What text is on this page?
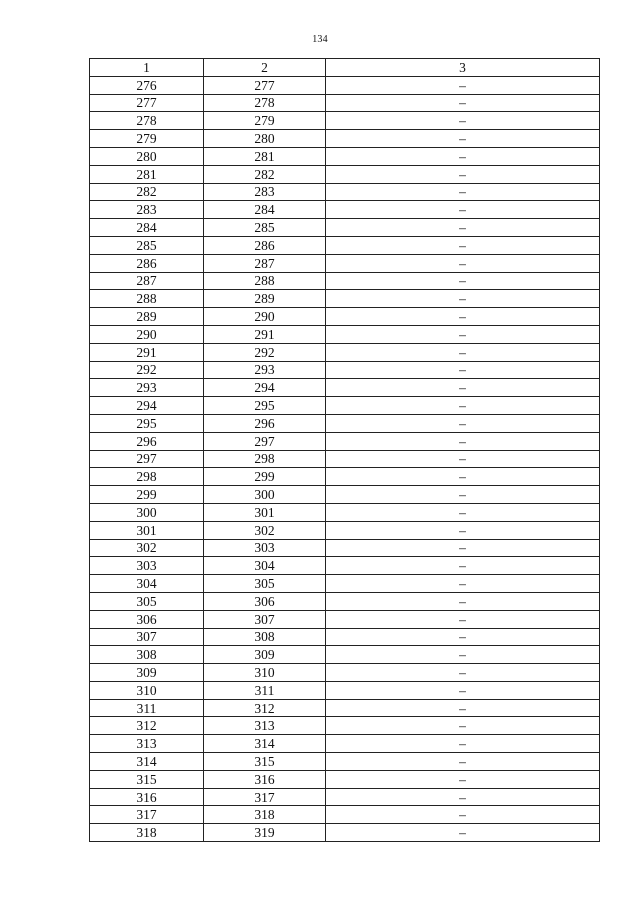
134
1	2	3
276	277	–
277	278	–
278	279	–
279	280	–
280	281	–
281	282	–
282	283	–
283	284	–
284	285	–
285	286	–
286	287	–
287	288	–
288	289	–
289	290	–
290	291	–
291	292	–
292	293	–
293	294	–
294	295	–
295	296	–
296	297	–
297	298	–
298	299	–
299	300	–
300	301	–
301	302	–
302	303	–
303	304	–
304	305	–
305	306	–
306	307	–
307	308	–
308	309	–
309	310	–
310	311	–
311	312	–
312	313	–
313	314	–
314	315	–
315	316	–
316	317	–
317	318	–
318	319	–
